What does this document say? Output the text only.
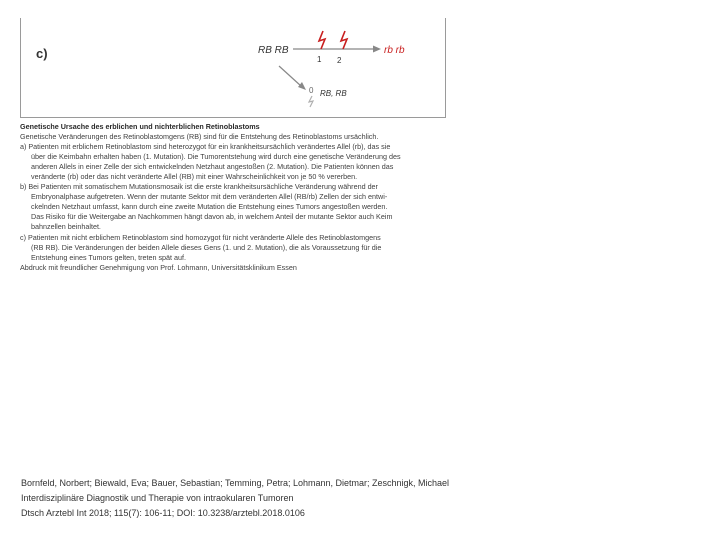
c)	RB RB
1 2
rb rb
0 RB, RB
Genetische Ursache des erblichen und nichterblichen Retinoblastoms
Genetische Veränderungen des Retinoblastomgens (RB) sind für die Entstehung des Retinoblastoms ursächlich.
a) Patienten mit erblichem Retinoblastom sind heterozygot für ein krankheitsursächlich verändertes Allel (rb), das sie
über die Keimbahn erhalten haben (1. Mutation). Die Tumorentstehung wird durch eine genetische Veränderung des
anderen Allels in einer Zelle der sich entwickelnden Netzhaut angestoßen (2. Mutation). Die Patienten können das
veränderte (rb) oder das nicht veränderte Allel (RB) mit einer Wahrscheinlichkeit von je 50 % vererben.
b) Bei Patienten mit somatischem Mutationsmosaik ist die erste krankheitsursächliche Veränderung während der
Embryonalphase aufgetreten. Wenn der mutante Sektor mit dem veränderten Allel (RB/rb) Zellen der sich entwi-
ckelnden Netzhaut umfasst, kann durch eine zweite Mutation die Entstehung eines Tumors angestoßen werden.
Das Risiko für die Weitergabe an Nachkommen hängt davon ab, in welchem Anteil der mutante Sektor auch Keim
bahnzellen beinhaltet.
c) Patienten mit nicht erblichem Retinoblastom sind homozygot für nicht veränderte Allele des Retinoblastomgens
(RB RB). Die Veränderungen der beiden Allele dieses Gens (1. und 2. Mutation), die als Voraussetzung für die
Entstehung eines Tumors gelten, treten spät auf.
Abdruck mit freundlicher Genehmigung von Prof. Lohmann, Universitätsklinikum Essen
Bornfeld, Norbert; Biewald, Eva; Bauer, Sebastian; Temming, Petra; Lohmann, Dietmar; Zeschnigk, Michael
Interdisziplinäre Diagnostik und Therapie von intraokularen Tumoren
Dtsch Arztebl Int 2018; 115(7): 106-11; DOI: 10.3238/arztebl.2018.0106
